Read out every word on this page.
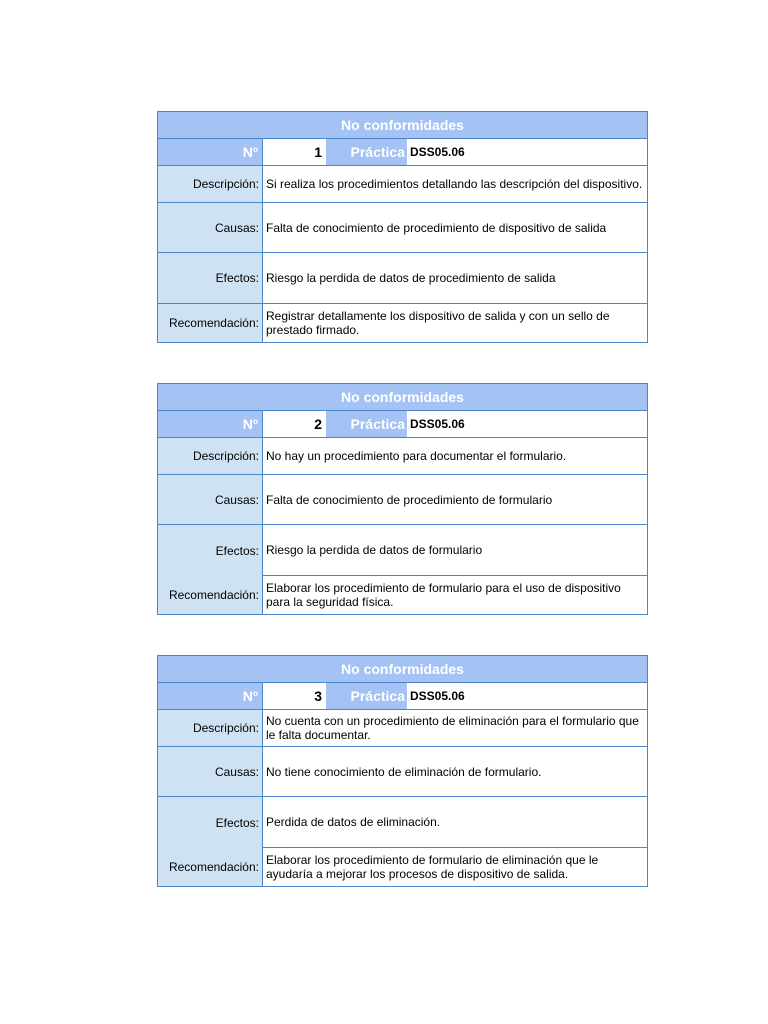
No conformidades
Nº	1	Práctica DSS05.06
Descripción: Si realiza los procedimientos detallando las descripción del dispositivo.
Causas: Falta de conocimiento de procedimiento de dispositivo de salida
Efectos: Riesgo la perdida de datos de procedimiento de salida
Recomendación: Registrar detallamente los dispositivo de salida y con un sello de prestado firmado.
No conformidades
Nº	2	Práctica DSS05.06
Descripción: No hay un procedimiento para documentar el formulario.
Causas: Falta de conocimiento de procedimiento de formulario
Efectos: Riesgo la perdida de datos de formulario
Recomendación: Elaborar los procedimiento de formulario para el uso de dispositivo para la seguridad física.
No conformidades
Nº	3	Práctica DSS05.06
Descripción: No cuenta con un procedimiento de eliminación para el formulario que le falta documentar.
Causas: No tiene conocimiento de eliminación de formulario.
Efectos: Perdida de datos de eliminación.
Recomendación: Elaborar los procedimiento de formulario de eliminación que le ayudaría a mejorar los procesos de dispositivo de salida.
